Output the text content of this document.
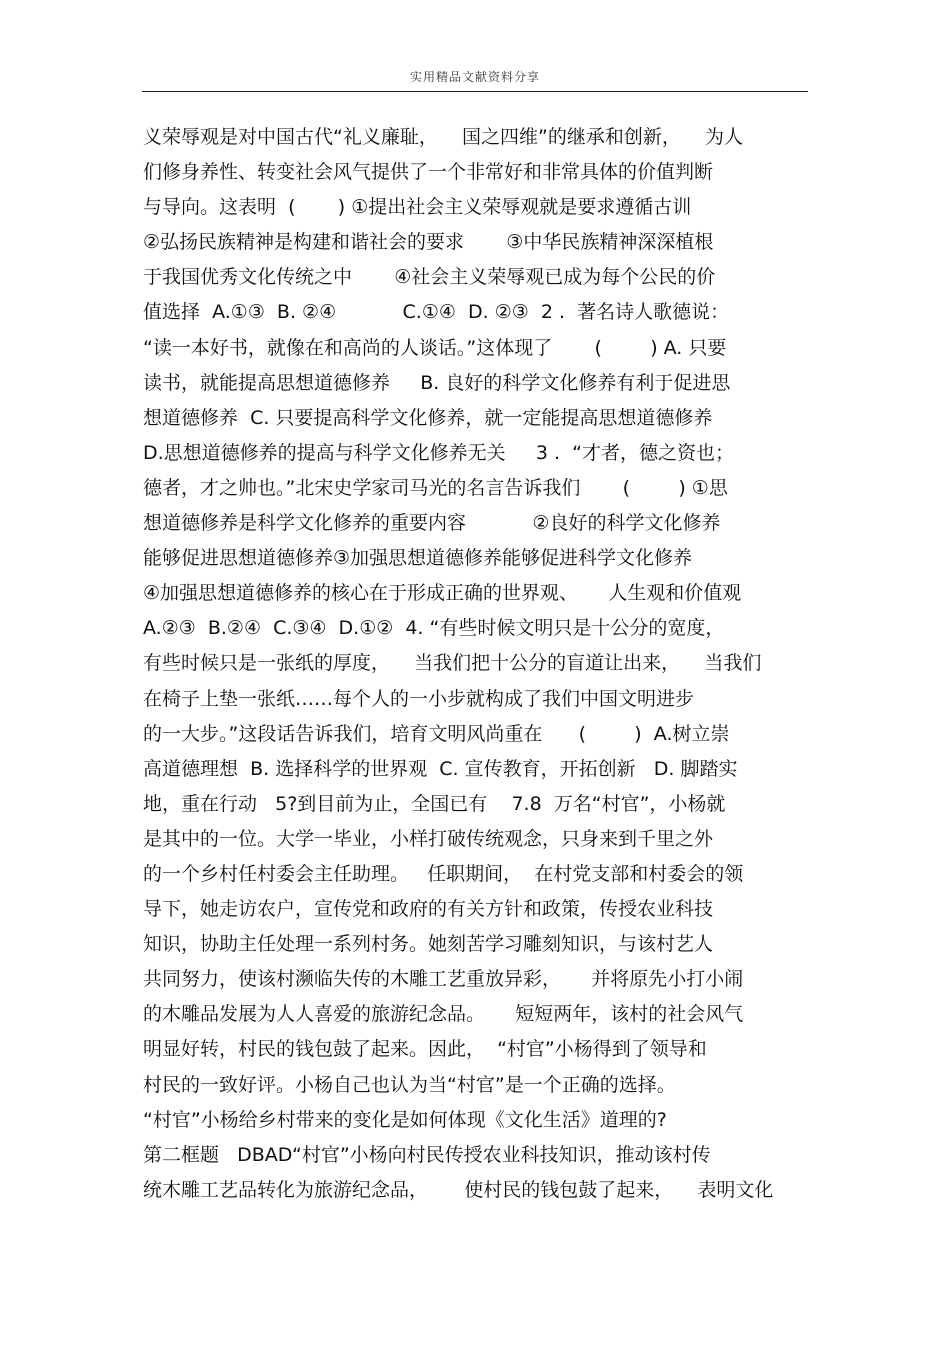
实用精品文献资料分享
义荣辱观是对中国古代“礼义廉耻，    国之四维”的继承和创新，    为人
们修身养性、转变社会风气提供了一个非常好和非常具体的价值判断
与导向。这表明  (       ) ①提出社会主义荣辱观就是要求遵循古训
②弘扬民族精神是构建和谐社会的要求       ③中华民族精神深深植根
于我国优秀文化传统之中       ④社会主义荣辱观已成为每个公民的价
值选择  A.①③  B. ②④           C.①④  D. ②③  2 .  著名诗人歌德说：
“读一本好书，就像在和高尚的人谈话。”这体现了       (        ) A. 只要
读书，就能提高思想道德修养     B. 良好的科学文化修养有利于促进思
想道德修养  C. 只要提高科学文化修养，就一定能提高思想道德修养
D.思想道德修养的提高与科学文化修养无关     3 .  “才者，德之资也；
德者，才之帅也。”北宋史学家司马光的名言告诉我们       (        ) ①思
想道德修养是科学文化修养的重要内容           ②良好的科学文化修养
能够促进思想道德修养③加强思想道德修养能够促进科学文化修养
④加强思想道德修养的核心在于形成正确的世界观、     人生观和价值观
A.②③  B.②④  C.③④  D.①②  4. “有些时候文明只是十公分的宽度，
有些时候只是一张纸的厚度，    当我们把十公分的盲道让出来，    当我们
在椅子上垫一张纸……每个人的一小步就构成了我们中国文明进步
的一大步。”这段话告诉我们，培育文明风尚重在      (        )  A.树立崇
高道德理想  B. 选择科学的世界观  C. 宣传教育，开拓创新   D. 脚踏实
地，重在行动   5?到目前为止，全国已有    7.8  万名“村官”，小杨就
是其中的一位。大学一毕业，小样打破传统观念，只身来到千里之外
的一个乡村任村委会主任助理。   任职期间，  在村党支部和村委会的领
导下，她走访农户，宣传党和政府的有关方针和政策，传授农业科技
知识，协助主任处理一系列村务。她刻苦学习雕刻知识，与该村艺人
共同努力，使该村濒临失传的木雕工艺重放异彩，     并将原先小打小闹
的木雕品发展为人人喜爱的旅游纪念品。     短短两年，该村的社会风气
明显好转，村民的钱包鼓了起来。因此，  “村官”小杨得到了领导和
村民的一致好评。小杨自己也认为当“村官”是一个正确的选择。
“村官”小杨给乡村带来的变化是如何体现《文化生活》道理的?
第二框题   DBAD“村官”小杨向村民传授农业科技知识，推动该村传
统木雕工艺品转化为旅游纪念品，      使村民的钱包鼓了起来，    表明文化
